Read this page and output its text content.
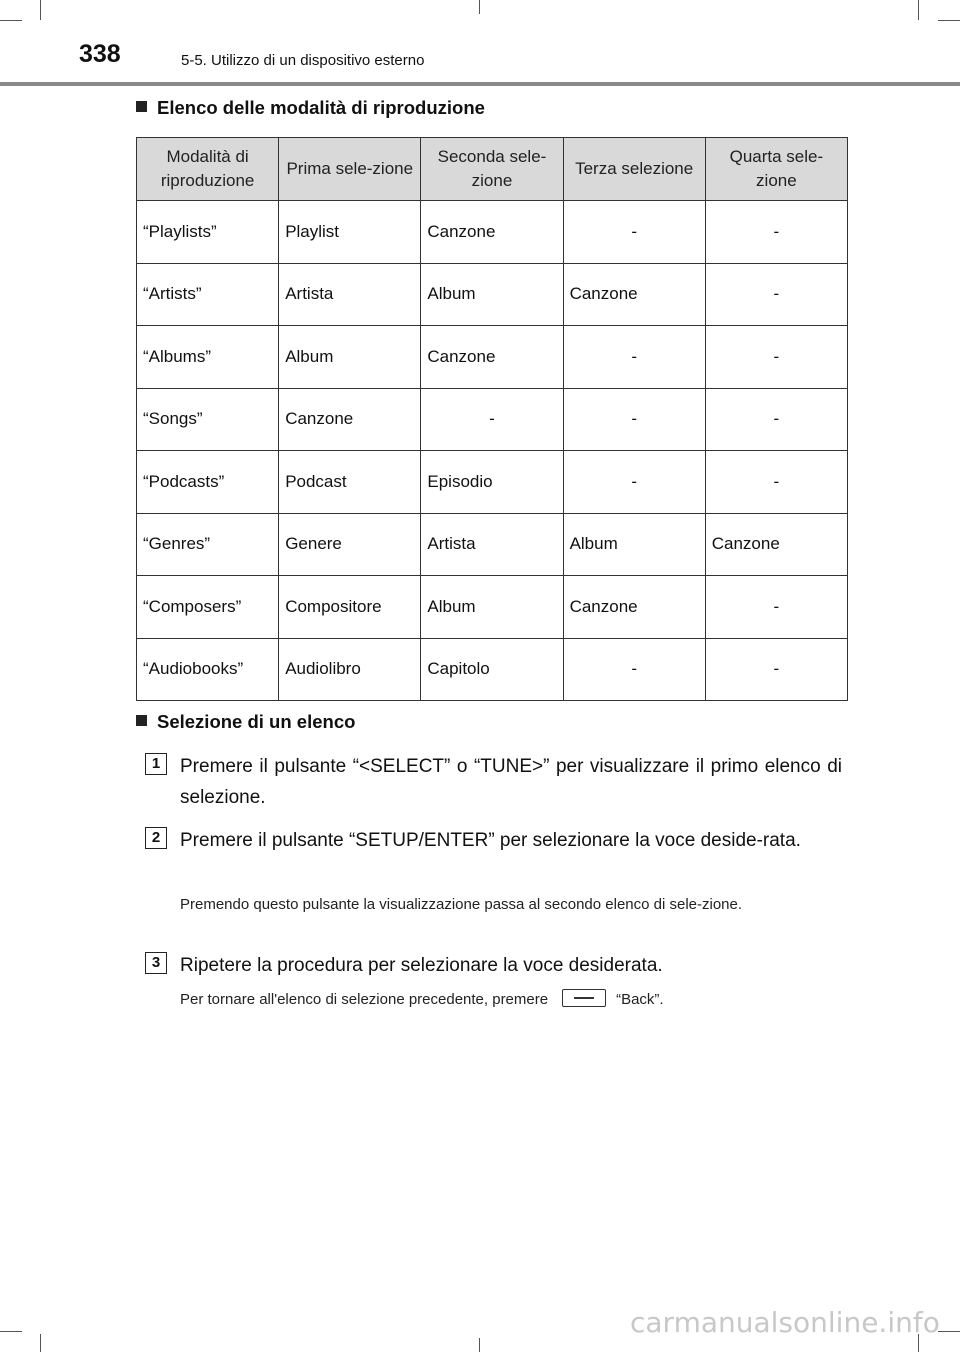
338	5-5. Utilizzo di un dispositivo esterno
Elenco delle modalità di riproduzione
Modalità di riproduzione	Prima sele-zione	Seconda sele-zione	Terza selezione	Quarta sele-zione
“Playlists”	Playlist	Canzone	-	-
“Artists”	Artista	Album	Canzone	-
“Albums”	Album	Canzone	-	-
“Songs”	Canzone	-	-	-
“Podcasts”	Podcast	Episodio	-	-
“Genres”	Genere	Artista	Album	Canzone
“Composers”	Compositore	Album	Canzone	-
“Audiobooks”	Audiolibro	Capitolo	-	-
Selezione di un elenco
1	Premere il pulsante “<SELECT” o “TUNE>” per visualizzare il primo elenco di selezione.
2	Premere il pulsante “SETUP/ENTER” per selezionare la voce deside-rata.
Premendo questo pulsante la visualizzazione passa al secondo elenco di sele-zione.
3	Ripetere la procedura per selezionare la voce desiderata.
Per tornare all'elenco di selezione precedente, premere	“Back”.
carmanualsonline.info
